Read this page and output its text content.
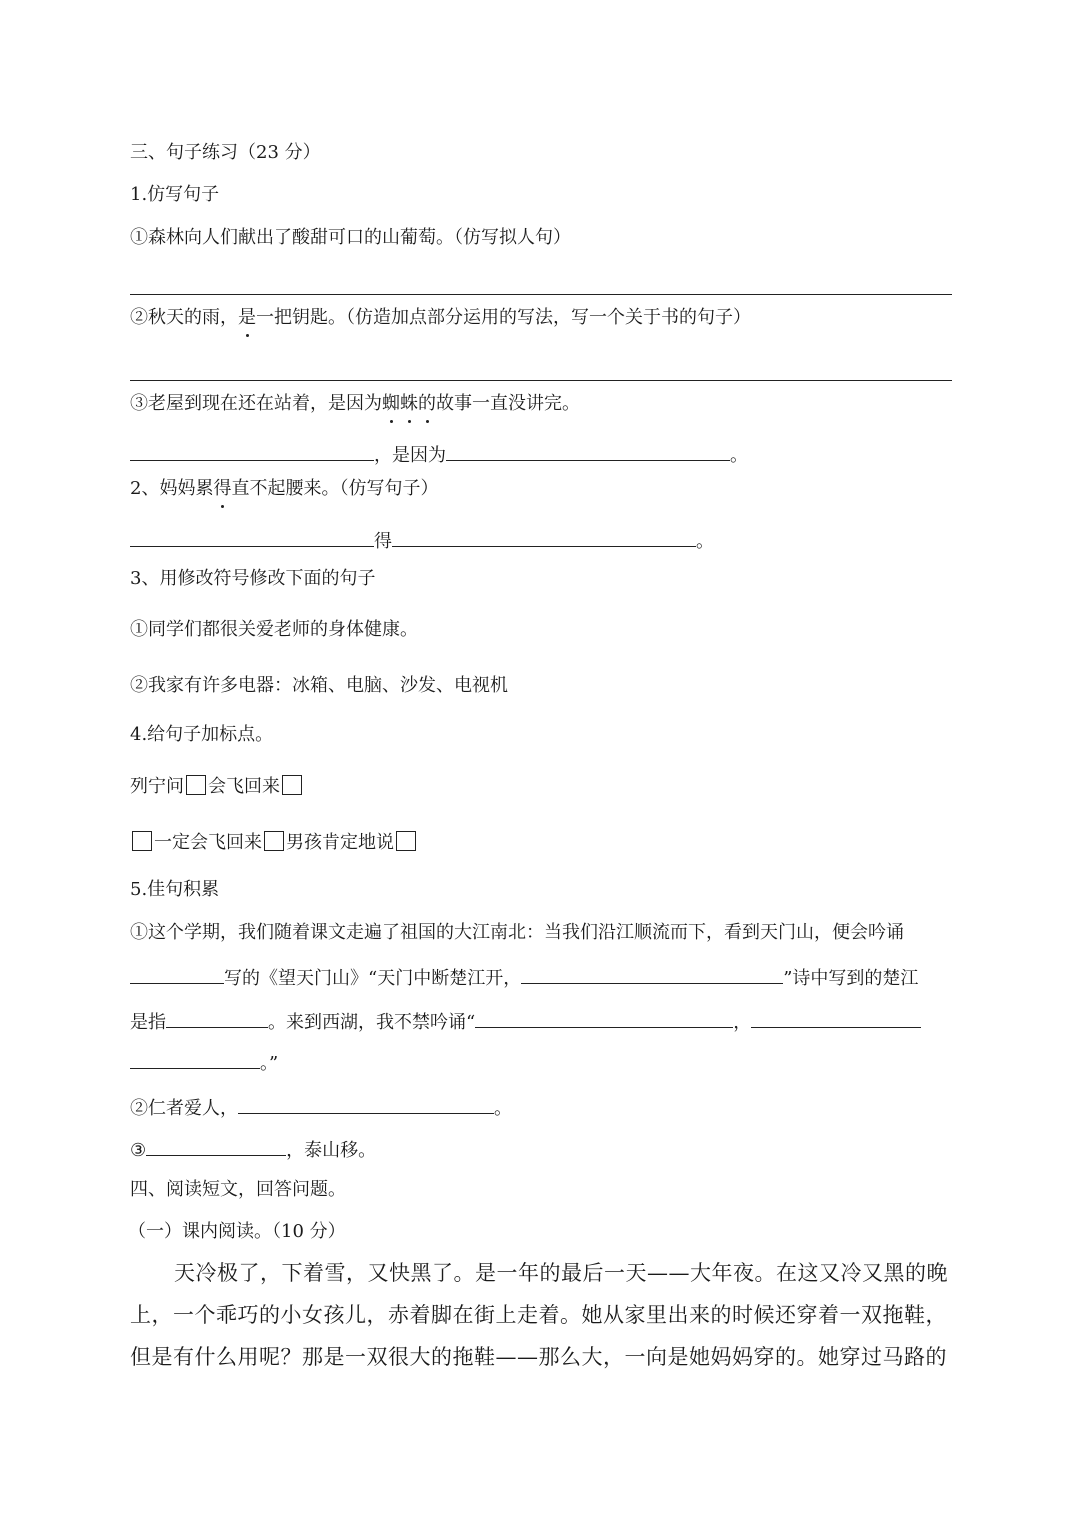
三、句子练习（23 分）
1.仿写句子
①森林向人们献出了酸甜可口的山葡萄。（仿写拟人句）
②秋天的雨，是一把钥匙。（仿造加点部分运用的写法，写一个关于书的句子）
③老屋到现在还在站着，是因为蜘蛛的故事一直没讲完。
，是因为	。
2、妈妈累得直不起腰来。（仿写句子）
得	。
3、用修改符号修改下面的句子
①同学们都很关爱老师的身体健康。
②我家有许多电器：冰箱、电脑、沙发、电视机
4.给句子加标点。
列宁问 会飞回来
一定会飞回来 男孩肯定地说
5.佳句积累
①这个学期，我们随着课文走遍了祖国的大江南北：当我们沿江顺流而下，看到天门山，便会吟诵
写的《望天门山》“天门中断楚江开，	”诗中写到的楚江
是指	。来到西湖，我不禁吟诵“	，
。”
②仁者爱人，	。
③	，泰山移。
四、阅读短文，回答问题。
（一）课内阅读。（10 分）
天冷极了，下着雪，又快黑了。是一年的最后一天——大年夜。在这又冷又黑的晚
上，一个乖巧的小女孩儿，赤着脚在街上走着。她从家里出来的时候还穿着一双拖鞋，
但是有什么用呢？那是一双很大的拖鞋——那么大，一向是她妈妈穿的。她穿过马路的
